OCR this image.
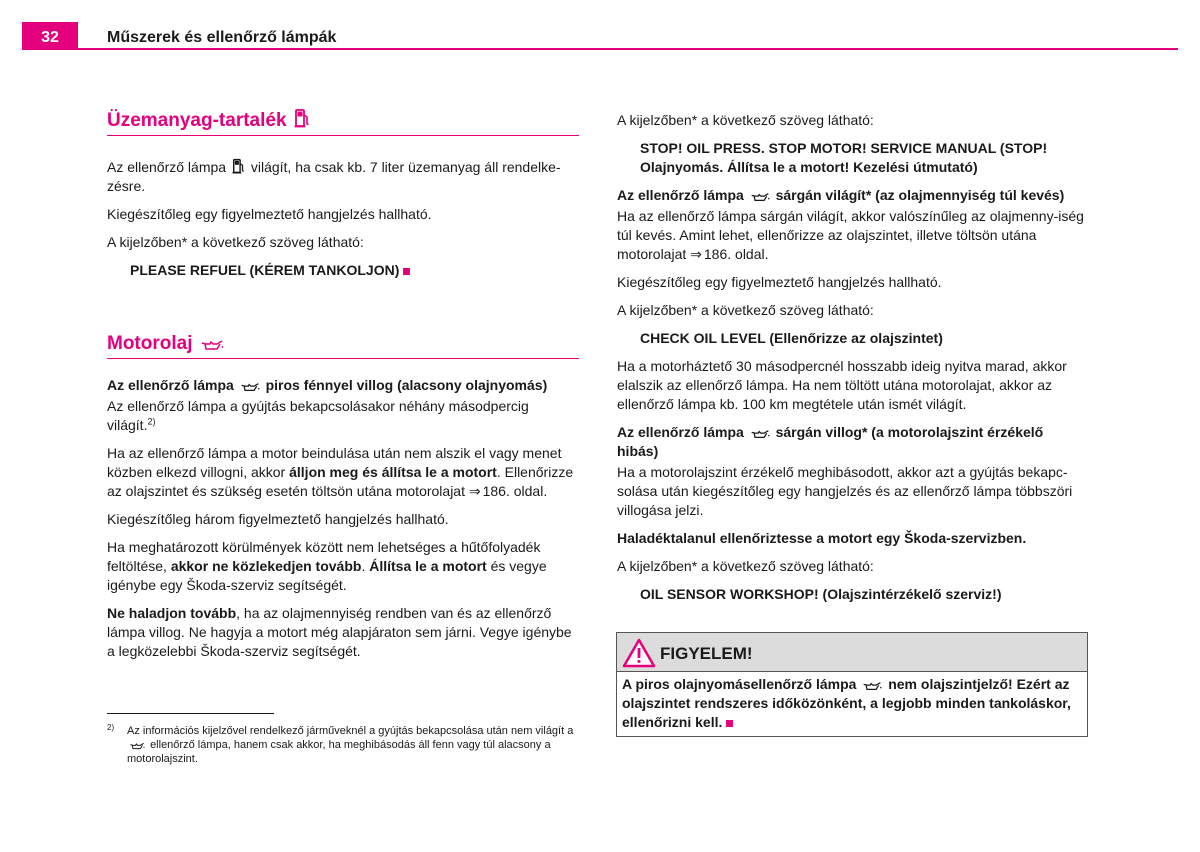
32	Műszerek és ellenőrző lámpák
Üzemanyag-tartalék

Az ellenőrző lámpa világít, ha csak kb. 7 liter üzemanyag áll rendelke-zésre.

Kiegészítőleg egy figyelmeztető hangjelzés hallható.

A kijelzőben* a következő szöveg látható:

PLEASE REFUEL (KÉREM TANKOLJON)

Motorolaj

Az ellenőrző lámpa piros fénnyel villog (alacsony olajnyomás)

Az ellenőrző lámpa a gyújtás bekapcsolásakor néhány másodpercig világít.$^{2)}$

Ha az ellenőrző lámpa a motor beindulása után nem alszik el vagy menet közben elkezd villogni, akkor álljon meg és állítsa le a motort. Ellenőrizze az olajszintet és szükség esetén töltsön utána motorolajat ⇒ 186. oldal.

Kiegészítőleg három figyelmeztető hangjelzés hallható.

Ha meghatározott körülmények között nem lehetséges a hűtőfolyadék feltöltése, akkor ne közlekedjen tovább. Állítsa le a motort és vegye igénybe egy Škoda-szerviz segítségét.

Ne haladjon tovább, ha az olajmennyiség rendben van és az ellenőrző lámpa villog. Ne hagyja a motort még alapjáraton sem járni. Vegye igénybe a legközelebbi Škoda-szerviz segítségét.

2) Az információs kijelzővel rendelkező járműveknél a gyújtás bekapcsolása után nem világít a
ellenőrző lámpa, hanem csak akkor, ha meghibásodás áll fenn vagy túl alacsony a motorolajszint.

A kijelzőben* a következő szöveg látható:

STOP! OIL PRESS. STOP MOTOR! SERVICE MANUAL (STOP! Olajnyomás. Állítsa le a motort! Kezelési útmutató)

Az ellenőrző lámpa sárgán világít* (az olajmennyiség túl kevés)

Ha az ellenőrző lámpa sárgán világít, akkor valószínűleg az olajmenny-iség túl kevés. Amint lehet, ellenőrizze az olajszintet, illetve töltsön utána motorolajat ⇒ 186. oldal.

Kiegészítőleg egy figyelmeztető hangjelzés hallható.

A kijelzőben* a következő szöveg látható:

CHECK OIL LEVEL (Ellenőrizze az olajszintet)

Ha a motorháztető 30 másodpercnél hosszabb ideig nyitva marad, akkor elalszik az ellenőrző lámpa. Ha nem töltött utána motorolajat, akkor az ellenőrző lámpa kb. 100 km megtétele után ismét világít.

Az ellenőrző lámpa sárgán villog* (a motorolajszint érzékelő hibás)

Ha a motorolajszint érzékelő meghibásodott, akkor azt a gyújtás bekapc-solása után kiegészítőleg egy hangjelzés és az ellenőrző lámpa többszöri villogása jelzi.

Haladéktalanul ellenőriztesse a motort egy Škoda-szervizben.

A kijelzőben* a következő szöveg látható:

OIL SENSOR WORKSHOP! (Olajszintérzékelő szerviz!)

FIGYELEM!
A piros olajnyomásellenőrző lámpa nem olajszintjelző! Ezért az olajszintet rendszeres időközönként, a legjobb minden tankoláskor, ellenőrizni kell.
